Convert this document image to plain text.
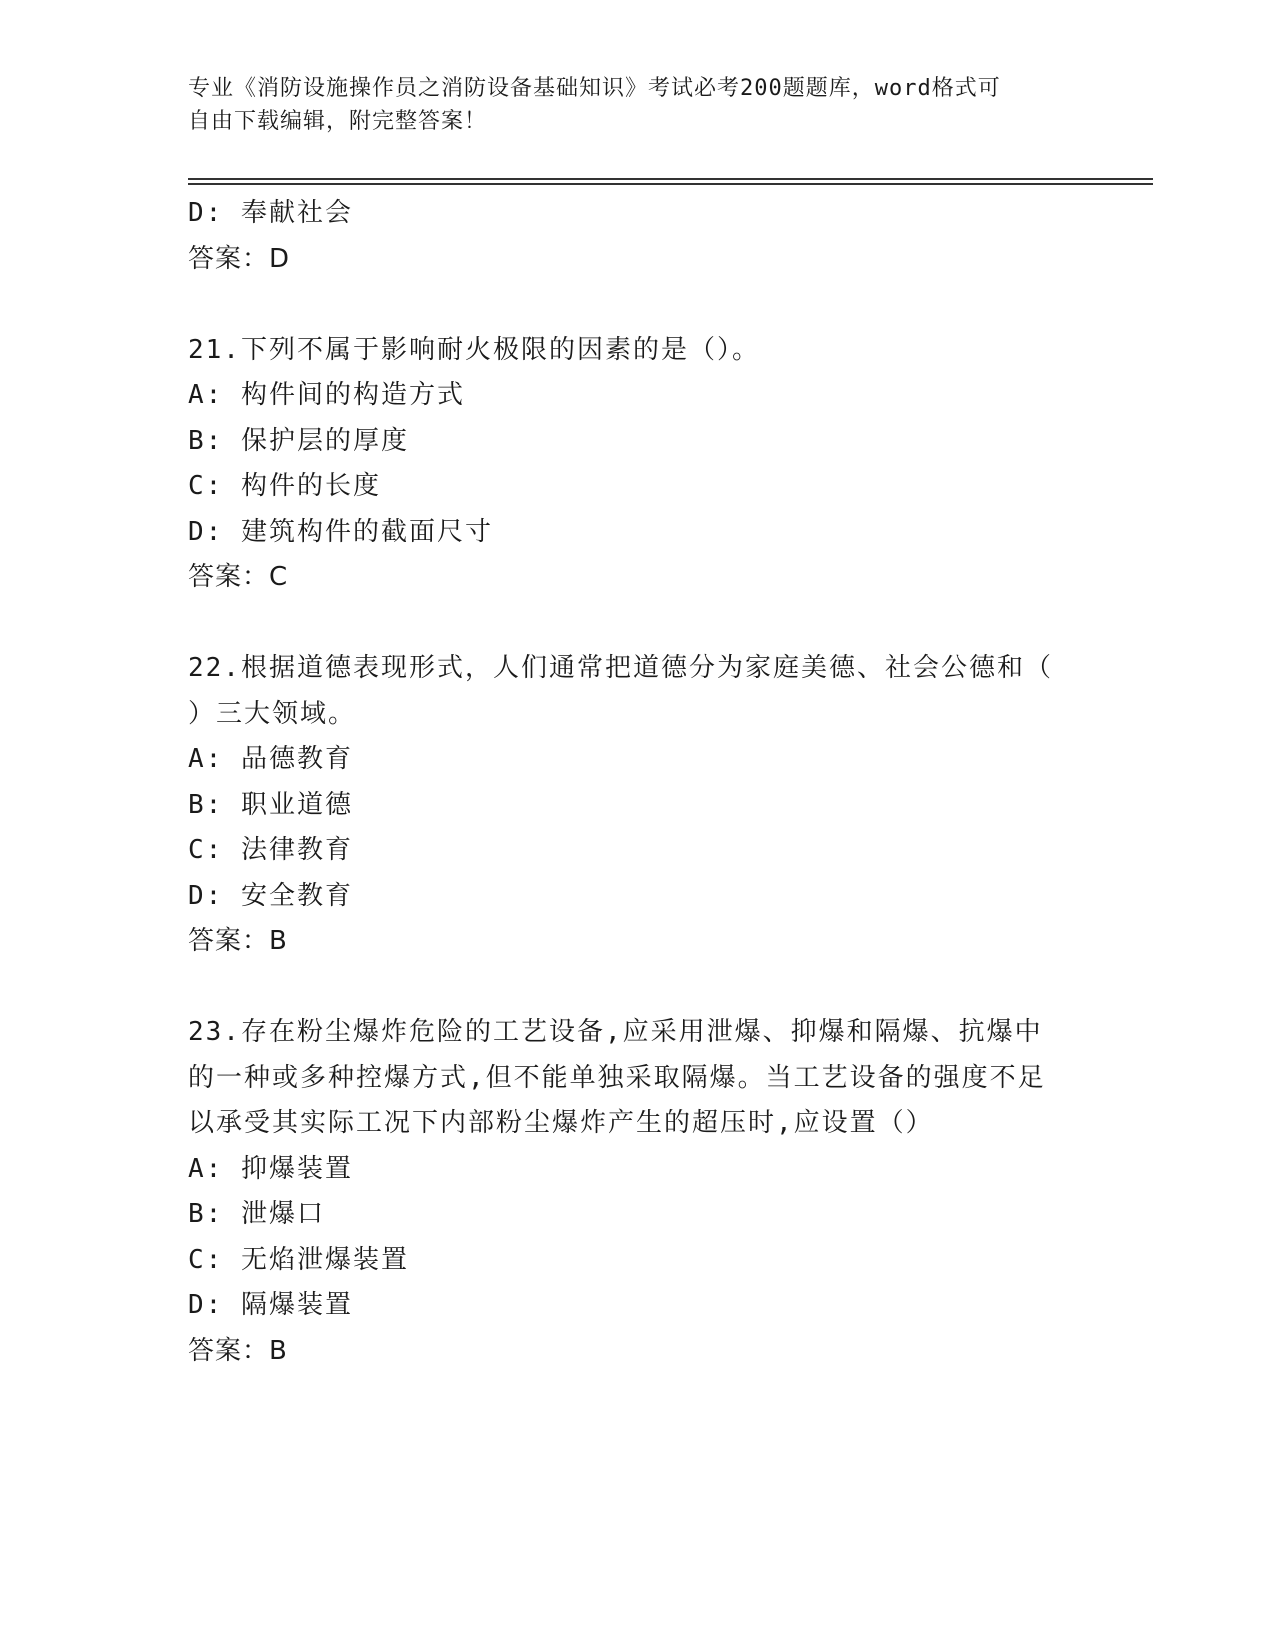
专业《消防设施操作员之消防设备基础知识》考试必考200题题库，word格式可
自由下载编辑，附完整答案！
D: 奉献社会
答案：D
21.下列不属于影响耐火极限的因素的是（）。
A: 构件间的构造方式
B: 保护层的厚度
C: 构件的长度
D: 建筑构件的截面尺寸
答案：C
22.根据道德表现形式，人们通常把道德分为家庭美德、社会公德和（
）三大领域。
A: 品德教育
B: 职业道德
C: 法律教育
D: 安全教育
答案：B
23.存在粉尘爆炸危险的工艺设备,应采用泄爆、抑爆和隔爆、抗爆中
的一种或多种控爆方式,但不能单独采取隔爆。当工艺设备的强度不足
以承受其实际工况下内部粉尘爆炸产生的超压时,应设置（）
A: 抑爆装置
B: 泄爆口
C: 无焰泄爆装置
D: 隔爆装置
答案：B
